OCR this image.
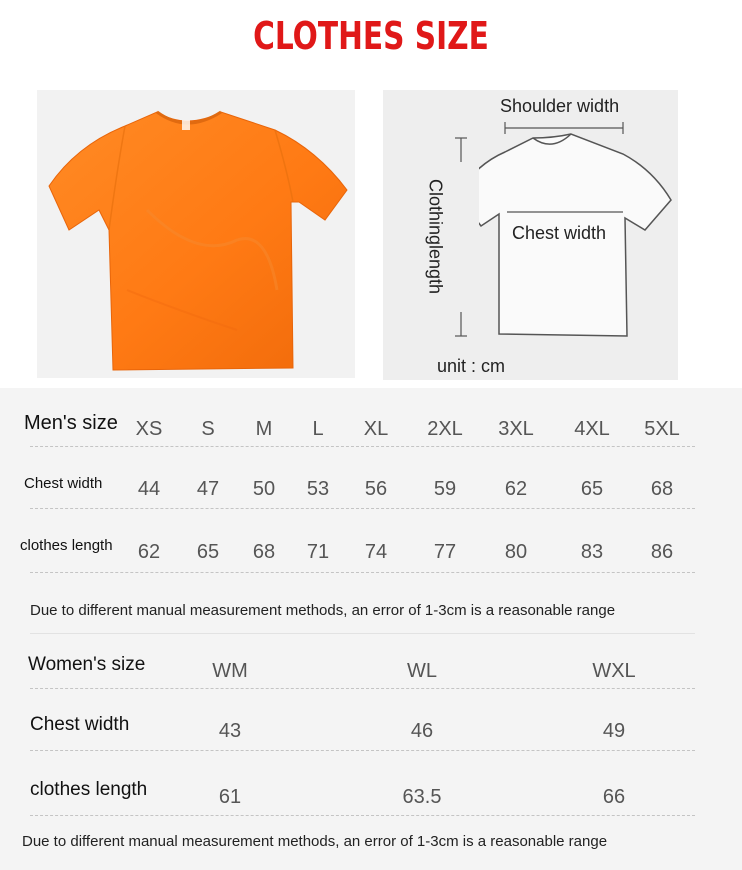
CLOTHES SIZE
Shoulder width
Chest width
Clothinglength
unit : cm
Men's size XS	S	M	L	XL	2XL	3XL	4XL	5XL
Chest width	44	47	50	53	56	59	62	65	68
clothes length	62	65	68	71	74	77	80	83	86
Due to different manual measurement methods, an error of 1-3cm is a reasonable range
Women's size	WM	WL	WXL
Chest width	43	46	49
clothes length	61	63.5	66
Due to different manual measurement methods, an error of 1-3cm is a reasonable rangе
